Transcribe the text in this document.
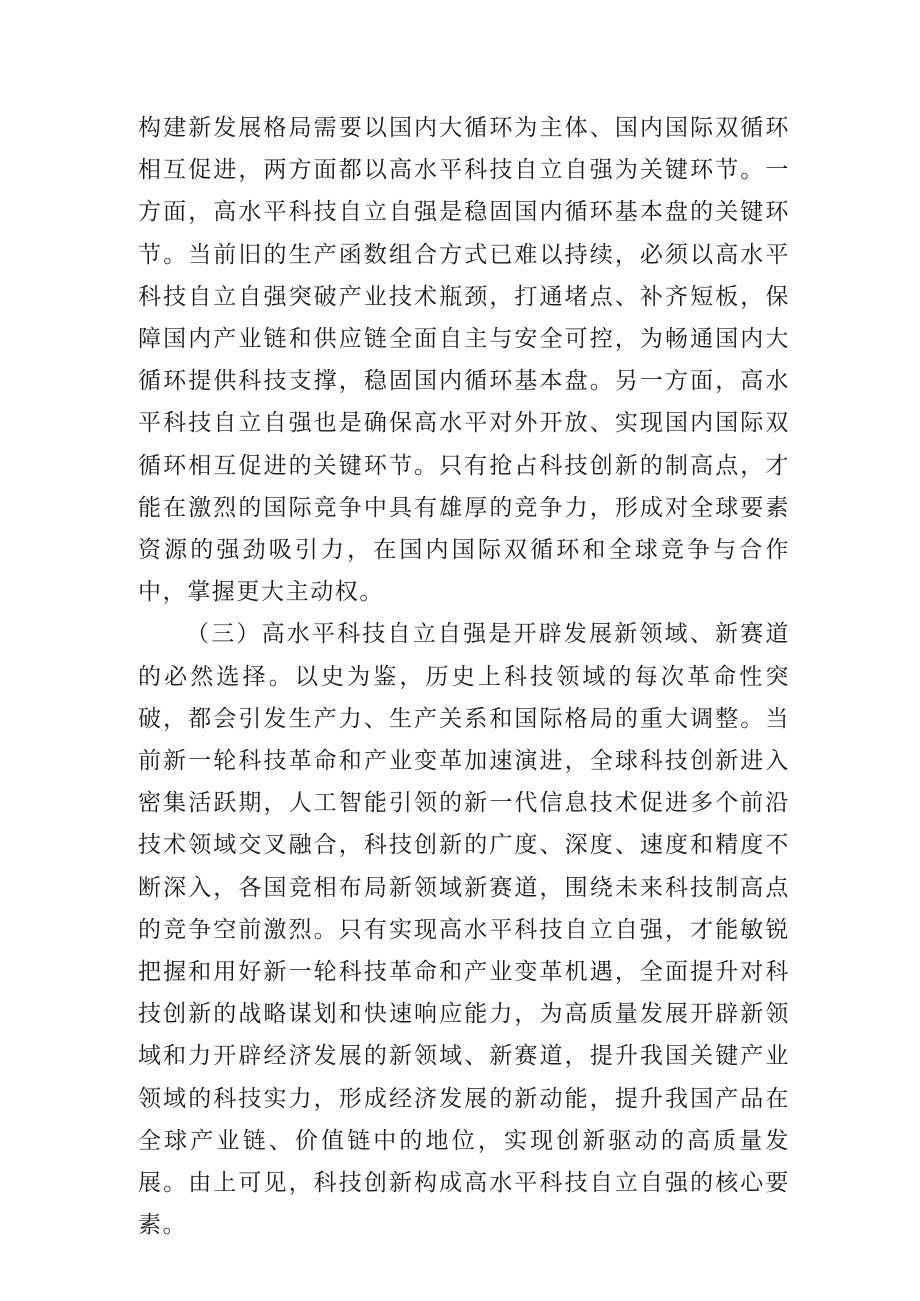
构建新发展格局需要以国内大循环为主体、国内国际双循环相互促进，两方面都以高水平科技自立自强为关键环节。一方面，高水平科技自立自强是稳固国内循环基本盘的关键环节。当前旧的生产函数组合方式已难以持续，必须以高水平科技自立自强突破产业技术瓶颈，打通堵点、补齐短板，保障国内产业链和供应链全面自主与安全可控，为畅通国内大循环提供科技支撑，稳固国内循环基本盘。另一方面，高水平科技自立自强也是确保高水平对外开放、实现国内国际双循环相互促进的关键环节。只有抢占科技创新的制高点，才能在激烈的国际竞争中具有雄厚的竞争力，形成对全球要素资源的强劲吸引力，在国内国际双循环和全球竞争与合作中，掌握更大主动权。

（三）高水平科技自立自强是开辟发展新领域、新赛道的必然选择。以史为鉴，历史上科技领域的每次革命性突破，都会引发生产力、生产关系和国际格局的重大调整。当前新一轮科技革命和产业变革加速演进，全球科技创新进入密集活跃期，人工智能引领的新一代信息技术促进多个前沿技术领域交叉融合，科技创新的广度、深度、速度和精度不断深入，各国竞相布局新领域新赛道，围绕未来科技制高点的竞争空前激烈。只有实现高水平科技自立自强，才能敏锐把握和用好新一轮科技革命和产业变革机遇，全面提升对科技创新的战略谋划和快速响应能力，为高质量发展开辟新领域和力开辟经济发展的新领域、新赛道，提升我国关键产业领域的科技实力，形成经济发展的新动能，提升我国产品在全球产业链、价值链中的地位，实现创新驱动的高质量发展。由上可见，科技创新构成高水平科技自立自强的核心要素。
